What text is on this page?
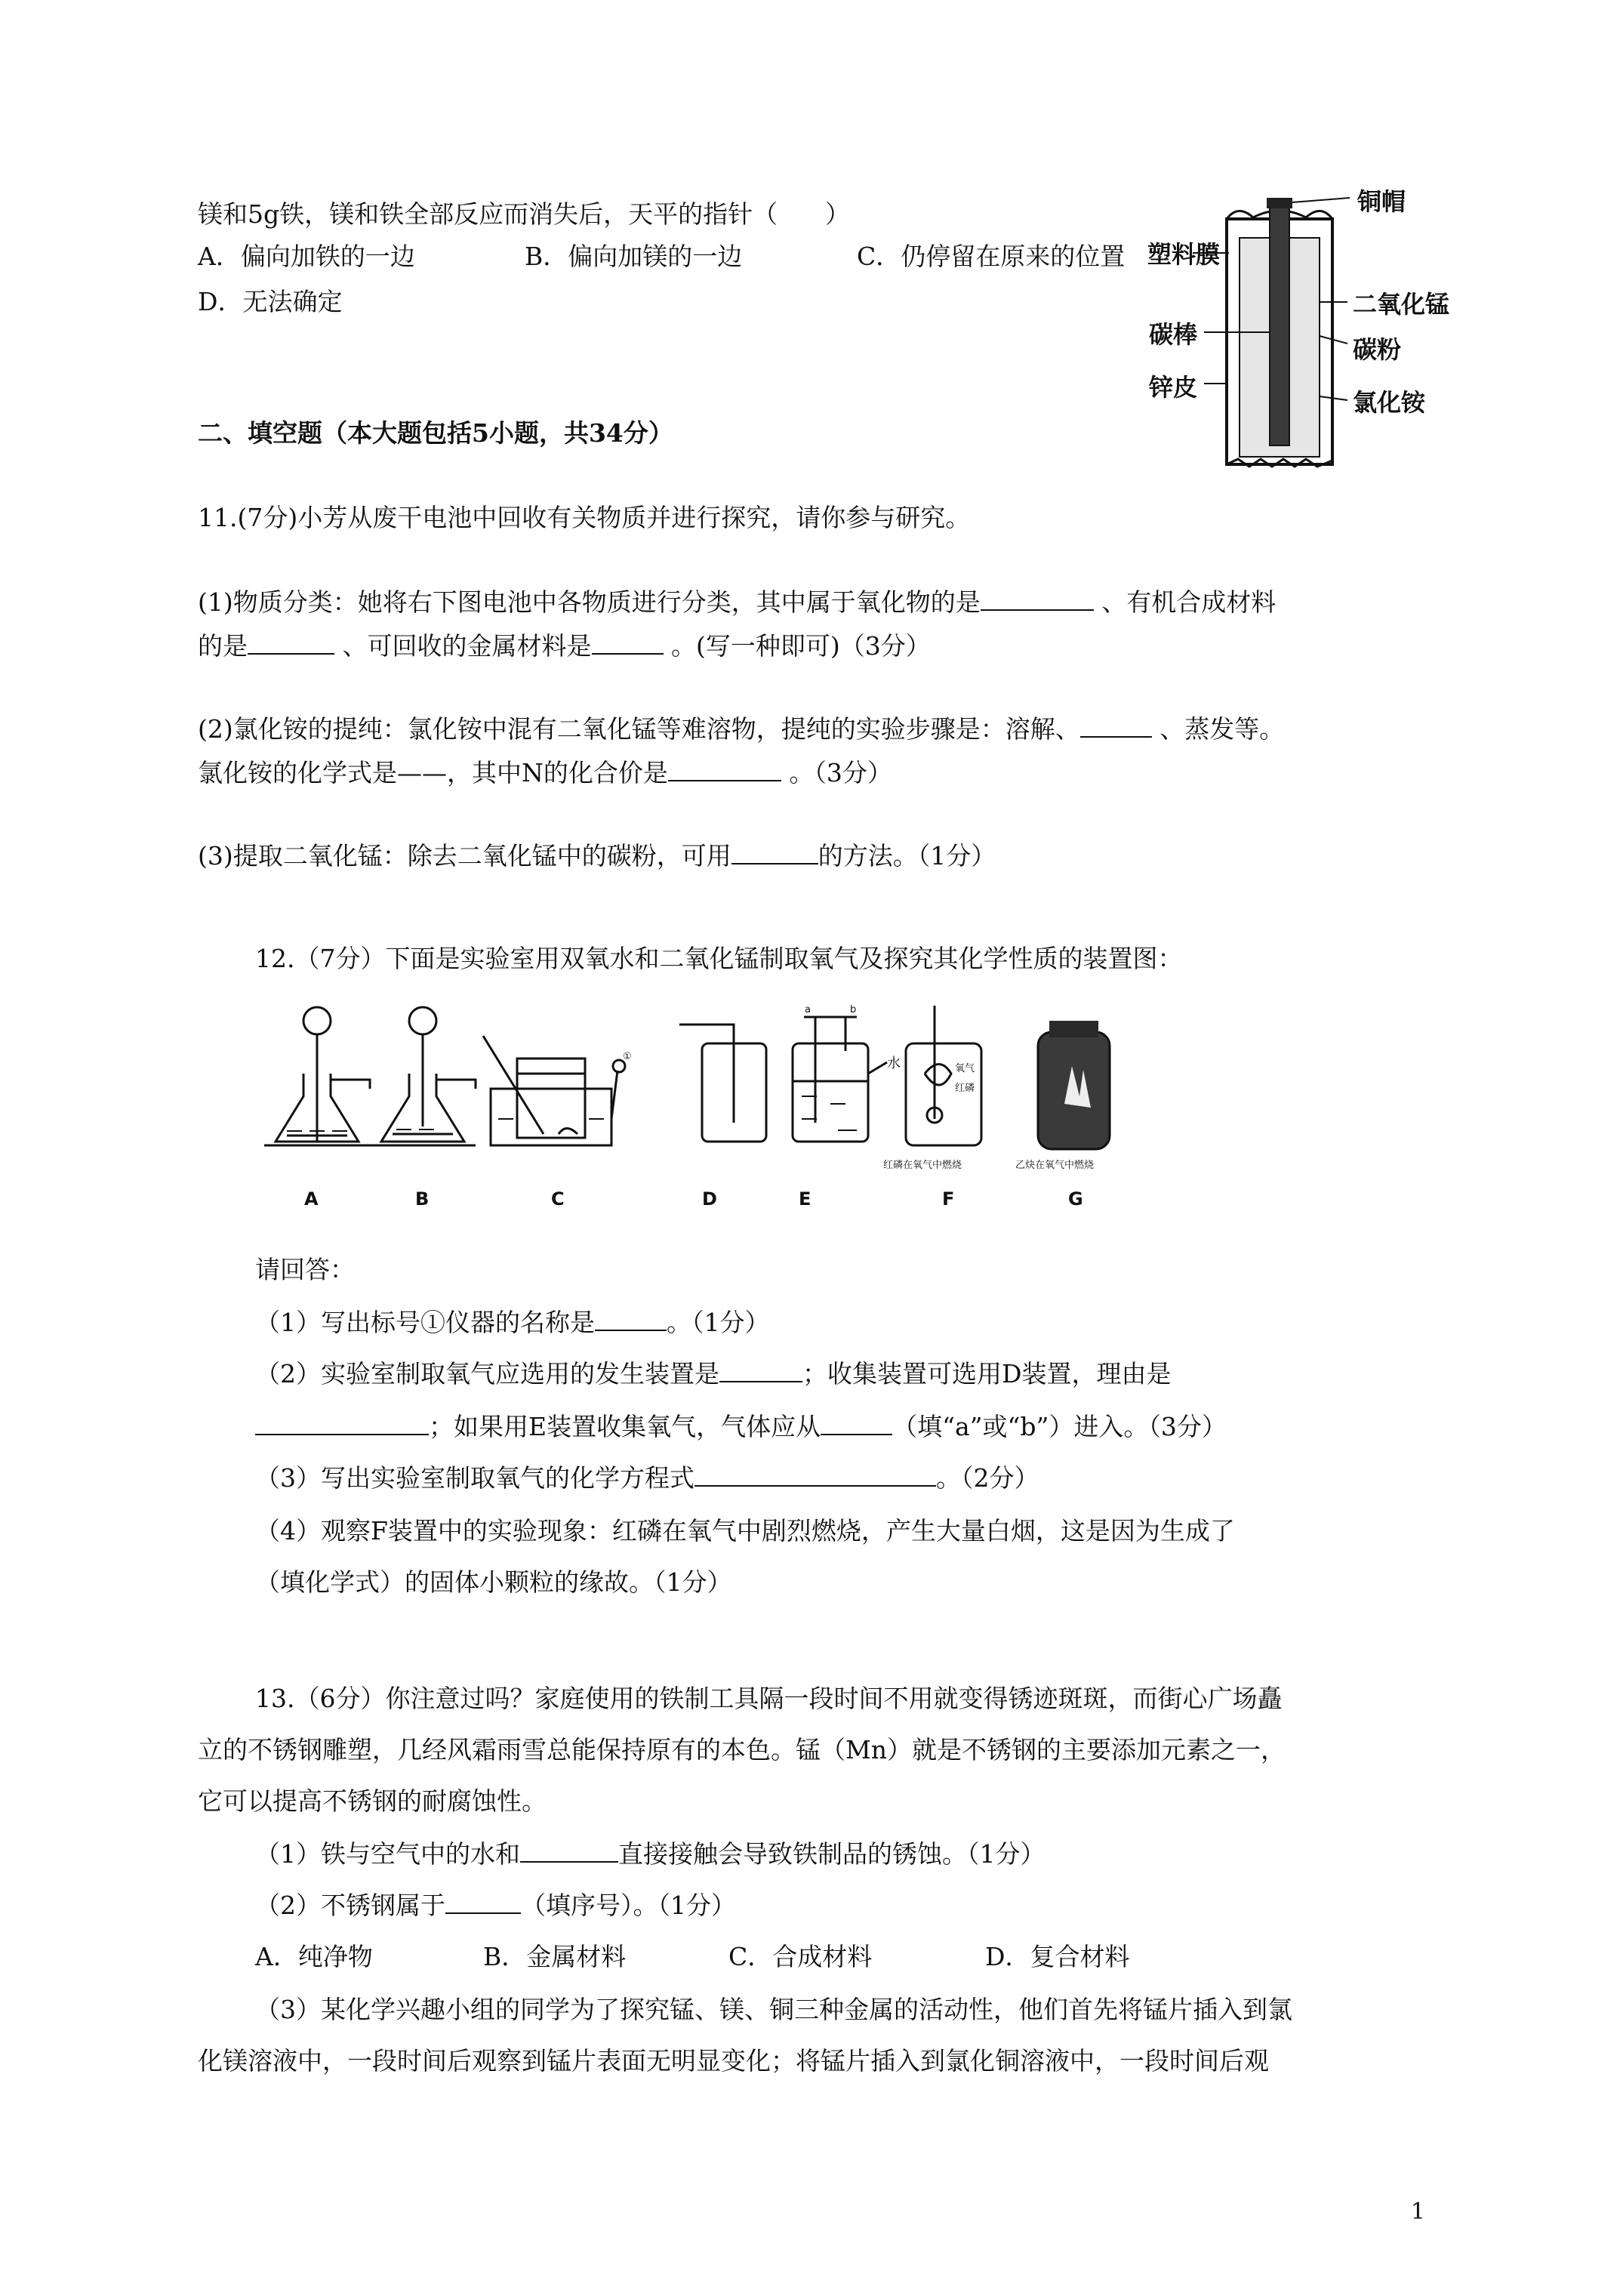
镁和5g铁，镁和铁全部反应而消失后，天平的指针（      ）
A．偏向加铁的一边	B．偏向加镁的一边	C．仍停留在原来的位置
D．无法确定
二、填空题（本大题包括5小题，共34分）
铜帽
塑料膜
二氧化锰
碳棒
碳粉
锌皮
氯化铵
11.(7分)小芳从废干电池中回收有关物质并进行探究，请你参与研究。
(1)物质分类：她将右下图电池中各物质进行分类，其中属于氧化物的是	、有机合成材料
的是	、可回收的金属材料是	。(写一种即可)（3分）
(2)氯化铵的提纯：氯化铵中混有二氧化锰等难溶物，提纯的实验步骤是：溶解、	、蒸发等。
氯化铵的化学式是——，其中N的化合价是	。（3分）
(3)提取二氧化锰：除去二氧化锰中的碳粉，可用	的方法。（1分）
12.（7分）下面是实验室用双氧水和二氧化锰制取氧气及探究其化学性质的装置图：
①
a	b
水	氧气
红磷
红磷在氧气中燃烧	乙炔在氧气中燃烧
A	B	C	D	E	F	G
请回答：
（1）写出标号①仪器的名称是	。（1分）
（2）实验室制取氧气应选用的发生装置是	；收集装置可选用D装置，理由是
；如果用E装置收集氧气，气体应从	（填“a”或“b”）进入。（3分）
（3）写出实验室制取氧气的化学方程式	。（2分）
（4）观察F装置中的实验现象：红磷在氧气中剧烈燃烧，产生大量白烟，这是因为生成了
（填化学式）的固体小颗粒的缘故。（1分）
13.（6分）你注意过吗？家庭使用的铁制工具隔一段时间不用就变得锈迹斑斑，而街心广场矗
立的不锈钢雕塑，几经风霜雨雪总能保持原有的本色。锰（Mn）就是不锈钢的主要添加元素之一，
它可以提高不锈钢的耐腐蚀性。
（1）铁与空气中的水和	直接接触会导致铁制品的锈蚀。（1分）
（2）不锈钢属于	（填序号）。（1分）
A．纯净物	B．金属材料	C．合成材料	D．复合材料
（3）某化学兴趣小组的同学为了探究锰、镁、铜三种金属的活动性，他们首先将锰片插入到氯
化镁溶液中，一段时间后观察到锰片表面无明显变化；将锰片插入到氯化铜溶液中，一段时间后观
1
